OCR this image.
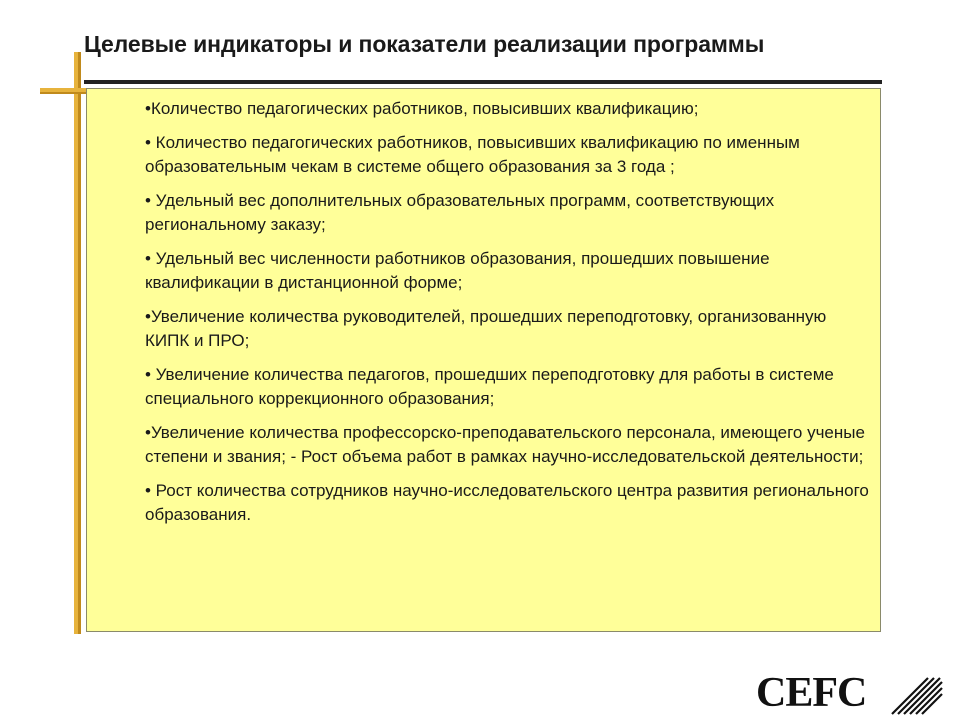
Целевые индикаторы и показатели реализации программы
•Количество педагогических работников, повысивших квалификацию;
• Количество педагогических работников, повысивших квалификацию по именным образовательным чекам в системе общего образования за 3 года ;
• Удельный вес дополнительных образовательных программ, соответствующих региональному заказу;
• Удельный вес численности работников образования, прошедших повышение квалификации в дистанционной форме;
•Увеличение количества руководителей, прошедших переподготовку, организованную КИПК и ПРО;
• Увеличение количества педагогов, прошедших переподготовку для работы в системе специального коррекционного образования;
•Увеличение количества профессорско-преподавательского персонала, имеющего ученые степени и звания; - Рост объема работ в рамках научно-исследовательской деятельности;
• Рост количества сотрудников научно-исследовательского центра развития регионального образования.
CEFC
